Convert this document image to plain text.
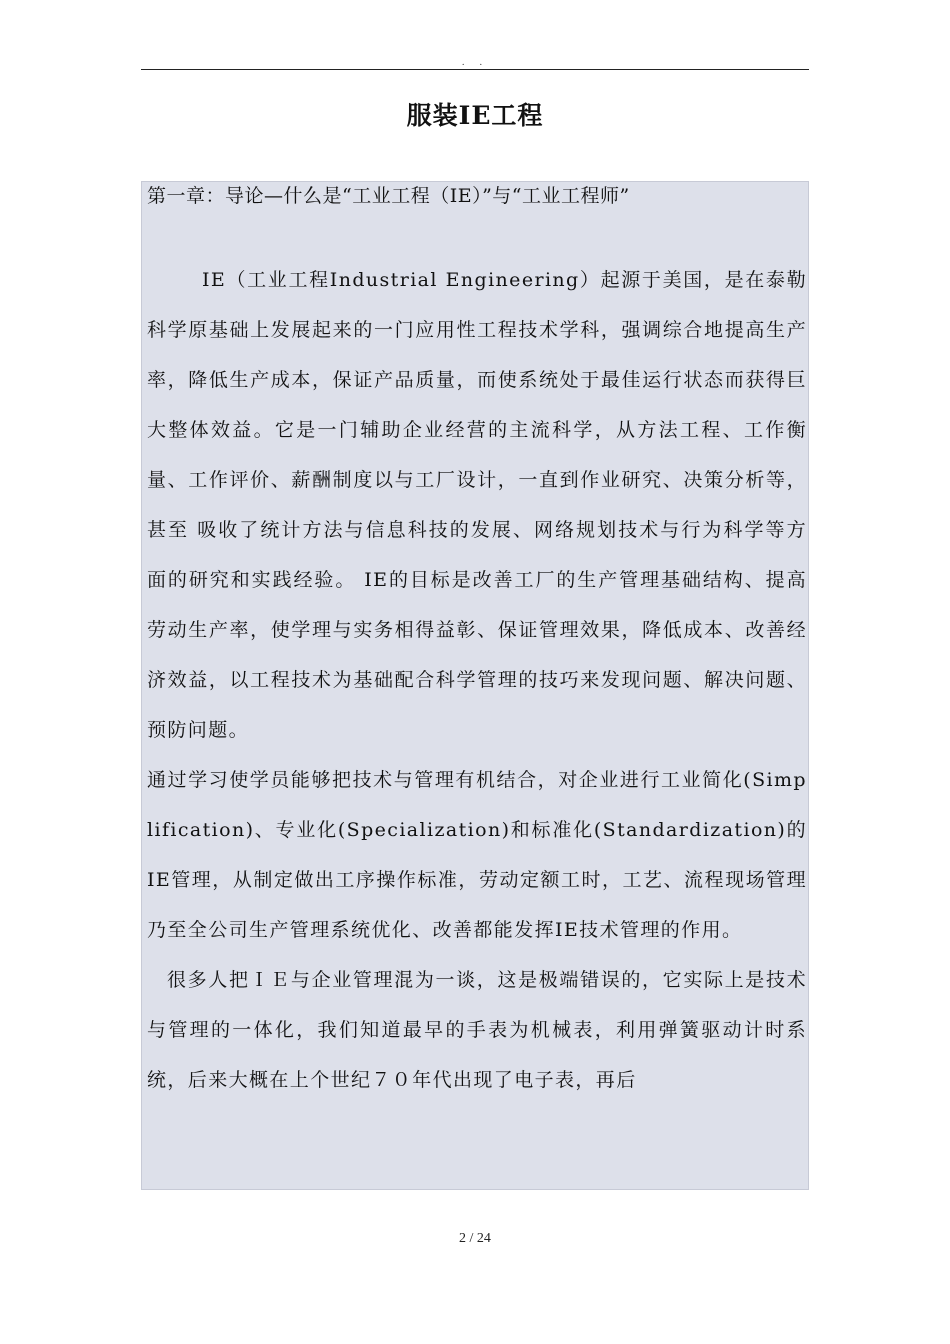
. .
服装IE工程

第一章：导论—什么是“工业工程（IE）”与“工业工程师”

IE（工业工程Industrial Engineering）起源于美国，是在泰勒科学原基础上发展起来的一门应用性工程技术学科，强调综合地提高生产率，降低生产成本，保证产品质量，而使系统处于最佳运行状态而获得巨大整体效益。它是一门辅助企业经营的主流科学，从方法工程、工作衡量、工作评价、薪酬制度以与工厂设计，一直到作业研究、决策分析等，甚至 吸收了统计方法与信息科技的发展、网络规划技术与行为科学等方面的研究和实践经验。 IE的目标是改善工厂的生产管理基础结构、提高劳动生产率，使学理与实务相得益彰、保证管理效果，降低成本、改善经济效益，以工程技术为基础配合科学管理的技巧来发现问题、解决问题、预防问题。

通过学习使学员能够把技术与管理有机结合，对企业进行工业简化(Simplification)、专业化(Specialization)和标准化(Standardization)的IE管理，从制定做出工序操作标准，劳动定额工时，工艺、流程现场管理乃至全公司生产管理系统优化、改善都能发挥IE技术管理的作用。

很多人把ＩＥ与企业管理混为一谈，这是极端错误的，它实际上是技术与管理的一体化，我们知道最早的手表为机械表，利用弹簧驱动计时系统，后来大概在上个世纪７０年代出现了电子表，再后

2 / 24
